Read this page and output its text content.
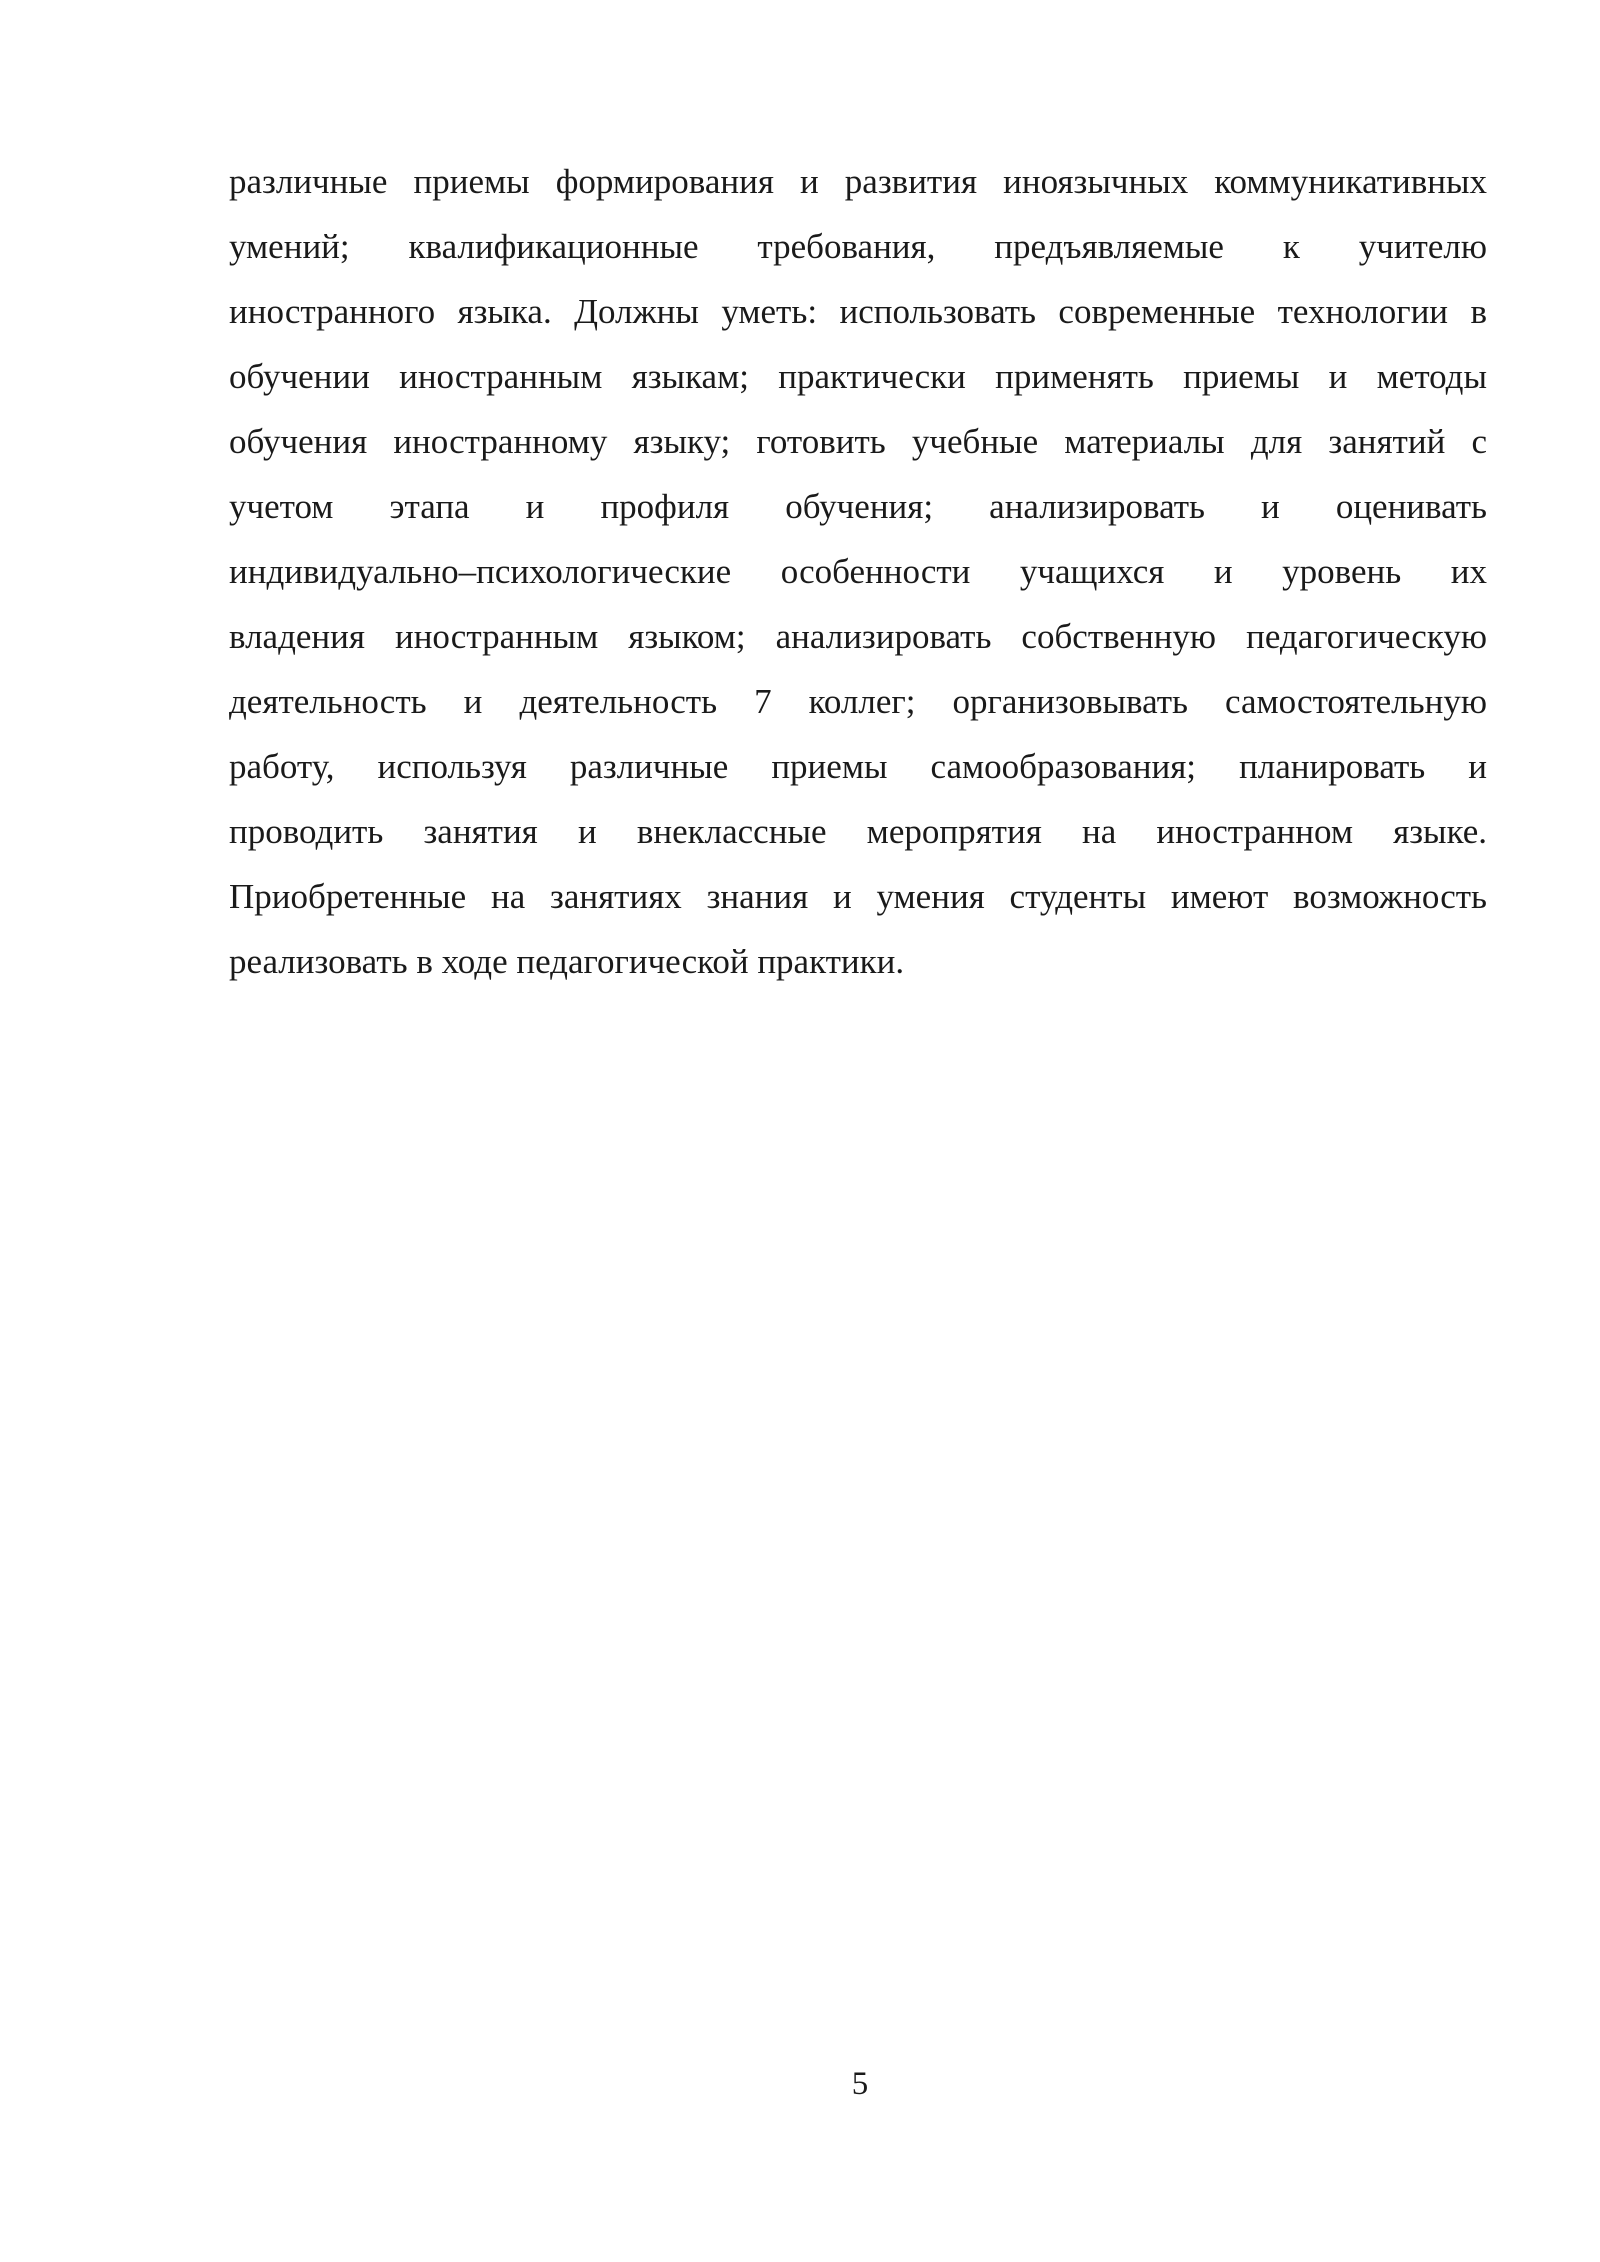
различные приемы формирования и развития иноязычных коммуникативных
умений; квалификационные требования, предъявляемые к учителю
иностранного языка. Должны уметь: использовать современные технологии в
обучении иностранным языкам; практически применять приемы и методы
обучения иностранному языку; готовить учебные материалы для занятий с
учетом этапа и профиля обучения; анализировать и оценивать
индивидуально–психологические особенности учащихся и уровень их
владения иностранным языком; анализировать собственную педагогическую
деятельность и деятельность 7 коллег; организовывать самостоятельную
работу, используя различные приемы самообразования; планировать и
проводить занятия и внеклассные меропрятия на иностранном языке.
Приобретенные на занятиях знания и умения студенты имеют возможность
реализовать в ходе педагогической практики.
5
